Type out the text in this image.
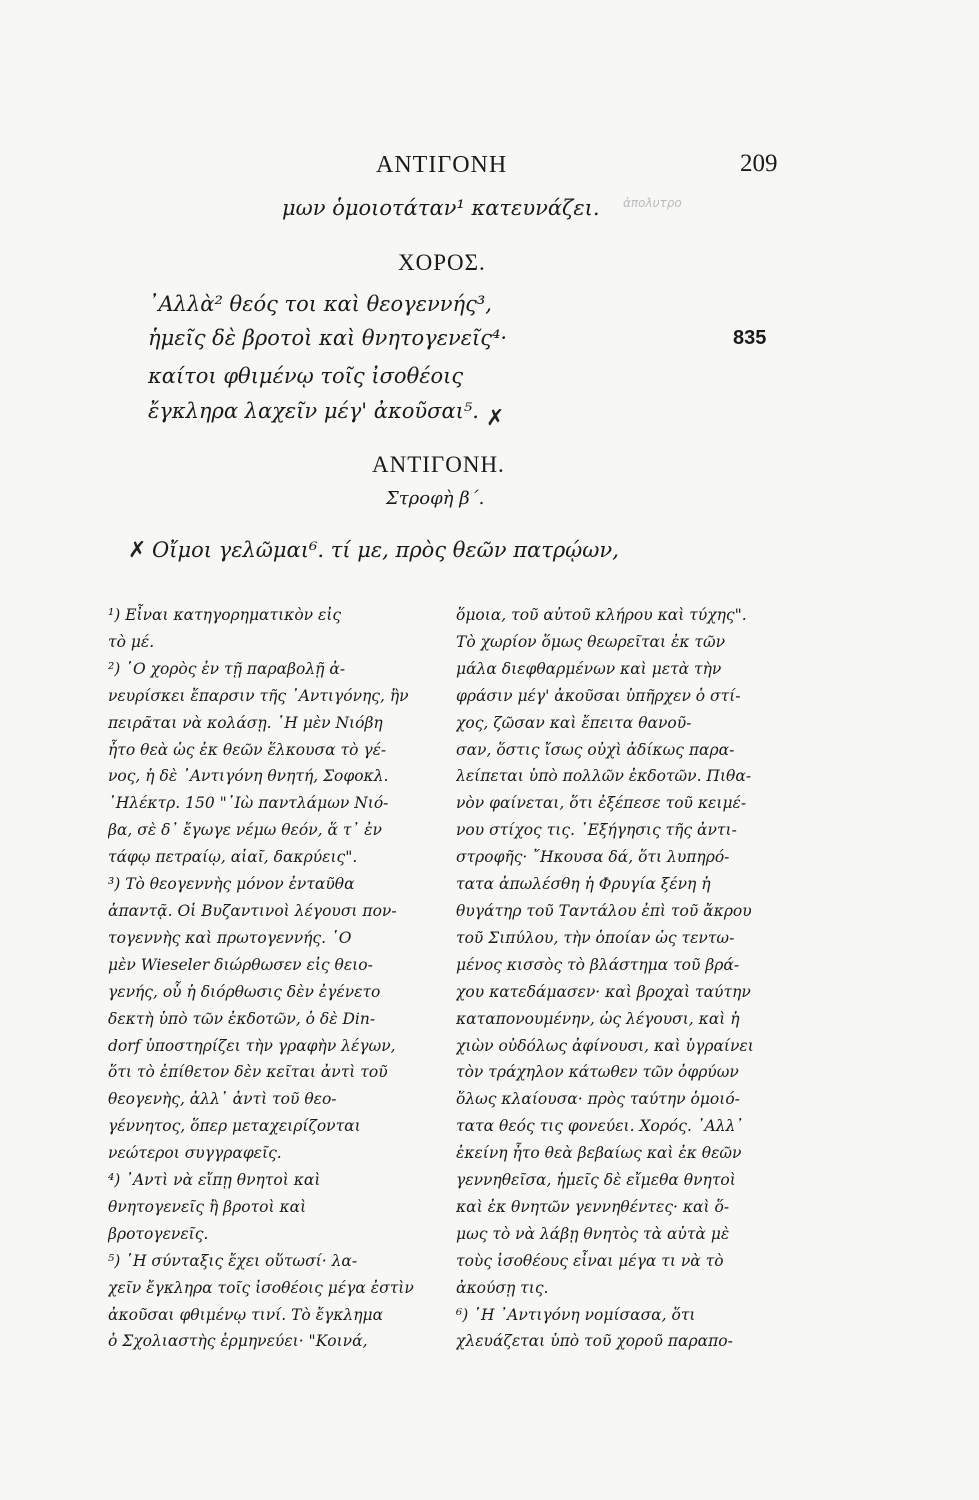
ΑΝΤΙΓΟΝΗ	209
ἀπολυτρο
μων ὁμοιοτάταν¹ κατευνάζει.
ΧΟΡΟΣ.
᾿Αλλὰ² θεός τοι καὶ θεογεννής³,
ἡμεῖς δὲ βροτοὶ καὶ θνητογενεῖς⁴·	835
καίτοι φθιμένῳ τοῖς ἰσοθέοις
ἔγκληρα λαχεῖν μέγ' ἀκοῦσαι⁵. ✗
ΑΝΤΙΓΟΝΗ.
Στροφὴ β΄.
✗ Οἴμοι γελῶμαι⁶. τί με, πρὸς θεῶν πατρῴων,

¹) Εἶναι κατηγορηματικὸν εἰς

τὸ μέ.

²) ῾Ο χορὸς ἐν τῇ παραβολῇ ἀ-

νευρίσκει ἔπαρσιν τῆς ᾿Αντιγόνης, ἣν

πειρᾶται νὰ κολάσῃ. ῾Η μὲν Νιόβη

ἦτο θεὰ ὡς ἐκ θεῶν ἕλκουσα τὸ γέ-

νος, ἡ δὲ ᾿Αντιγόνη θνητή, Σοφοκλ.

᾿Ηλέκτρ. 150 "᾿Ιὼ παντλάμων Νιό-

βα, σὲ δ᾿ ἔγωγε νέμω θεόν, ἅ τ᾿ ἐν

τάφῳ πετραίῳ, αἰαῖ, δακρύεις".

³) Τὸ θεογεννὴς μόνον ἐνταῦθα

ἁπαντᾷ. Οἱ Βυζαντινοὶ λέγουσι πον-

τογεννὴς καὶ πρωτογεννής. ῾Ο

μὲν Wieseler διώρθωσεν εἰς θειο-

γενής, οὗ ἡ διόρθωσις δὲν ἐγένετο

δεκτὴ ὑπὸ τῶν ἐκδοτῶν, ὁ δὲ Din-

dorf ὑποστηρίζει τὴν γραφὴν λέγων,

ὅτι τὸ ἐπίθετον δὲν κεῖται ἀντὶ τοῦ

θεογενὴς, ἀλλ᾿ ἀντὶ τοῦ θεο-

γέννητος, ὅπερ μεταχειρίζονται

νεώτεροι συγγραφεῖς.

⁴) ᾿Αντὶ νὰ εἴπῃ θνητοὶ καὶ

θνητογενεῖς ἢ βροτοὶ καὶ

βροτογενεῖς.

⁵) ῾Η σύνταξις ἔχει οὕτωσί· λα-

χεῖν ἔγκληρα τοῖς ἰσοθέοις μέγα ἐστὶν

ἀκοῦσαι φθιμένῳ τινί. Τὸ ἔγκλημα

ὁ Σχολιαστὴς ἑρμηνεύει· "Κοινά,

ὅμοια, τοῦ αὐτοῦ κλήρου καὶ τύχης".

Τὸ χωρίον ὅμως θεωρεῖται ἐκ τῶν

μάλα διεφθαρμένων καὶ μετὰ τὴν

φράσιν μέγ' ἀκοῦσαι ὑπῆρχεν ὁ στί-

χος, ζῶσαν καὶ ἔπειτα θανοῦ-

σαν, ὅστις ἴσως οὐχὶ ἀδίκως παρα-

λείπεται ὑπὸ πολλῶν ἐκδοτῶν. Πιθα-

νὸν φαίνεται, ὅτι ἐξέπεσε τοῦ κειμέ-

νου στίχος τις. ᾿Εξήγησις τῆς ἀντι-

στροφῆς· ῎Ηκουσα δά, ὅτι λυπηρό-

τατα ἀπωλέσθη ἡ Φρυγία ξένη ἡ

θυγάτηρ τοῦ Ταντάλου ἐπὶ τοῦ ἄκρου

τοῦ Σιπύλου, τὴν ὁποίαν ὡς τεντω-

μένος κισσὸς τὸ βλάστημα τοῦ βρά-

χου κατεδάμασεν· καὶ βροχαὶ ταύτην

καταπονουμένην, ὡς λέγουσι, καὶ ἡ

χιὼν οὐδόλως ἀφίνουσι, καὶ ὑγραίνει

τὸν τράχηλον κάτωθεν τῶν ὀφρύων

ὅλως κλαίουσα· πρὸς ταύτην ὁμοιό-

τατα θεός τις φονεύει. Χορός. ᾿Αλλ᾿

ἐκείνη ἦτο θεὰ βεβαίως καὶ ἐκ θεῶν

γεννηθεῖσα, ἡμεῖς δὲ εἴμεθα θνητοὶ

καὶ ἐκ θνητῶν γεννηθέντες· καὶ ὅ-

μως τὸ νὰ λάβῃ θνητὸς τὰ αὐτὰ μὲ

τοὺς ἰσοθέους εἶναι μέγα τι νὰ τὸ

ἀκούσῃ τις.

⁶) ῾Η ᾿Αντιγόνη νομίσασα, ὅτι

χλευάζεται ὑπὸ τοῦ χοροῦ παραπο-
